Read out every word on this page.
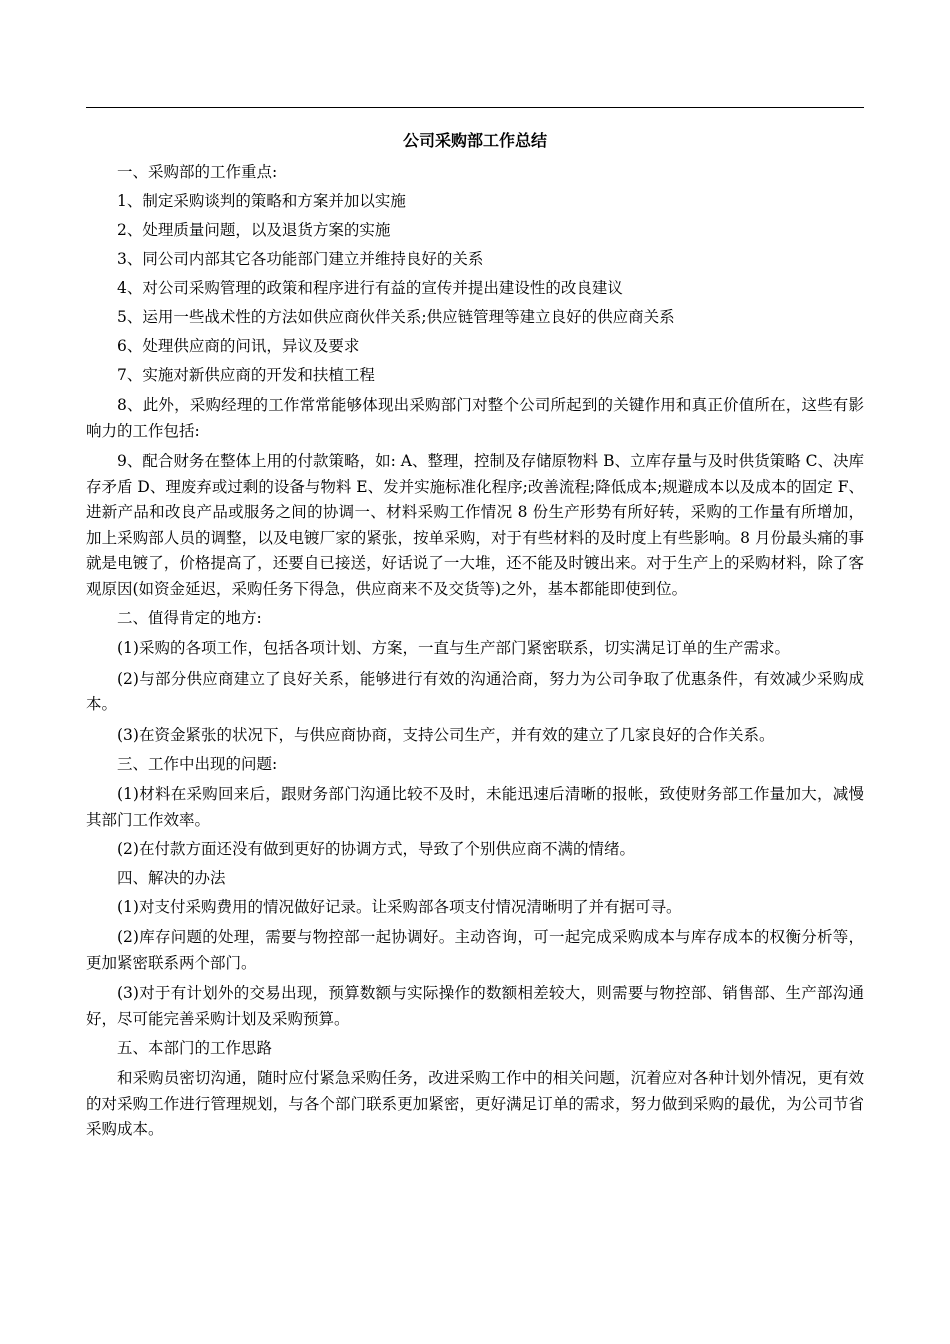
公司采购部工作总结

一、采购部的工作重点:

1、制定采购谈判的策略和方案并加以实施

2、处理质量问题，以及退货方案的实施

3、同公司内部其它各功能部门建立并维持良好的关系

4、对公司采购管理的政策和程序进行有益的宣传并提出建设性的改良建议

5、运用一些战术性的方法如供应商伙伴关系;供应链管理等建立良好的供应商关系

6、处理供应商的问讯，异议及要求

7、实施对新供应商的开发和扶植工程

8、此外，采购经理的工作常常能够体现出采购部门对整个公司所起到的关键作用和真正价值所在，这些有影响力的工作包括:

9、配合财务在整体上用的付款策略，如: A、整理，控制及存储原物料 B、立库存量与及时供货策略 C、决库存矛盾 D、理废弃或过剩的设备与物料 E、发并实施标准化程序;改善流程;降低成本;规避成本以及成本的固定 F、进新产品和改良产品或服务之间的协调一、材料采购工作情况 8 份生产形势有所好转，采购的工作量有所增加，加上采购部人员的调整，以及电镀厂家的紧张，按单采购，对于有些材料的及时度上有些影响。8 月份最头痛的事就是电镀了，价格提高了，还要自已接送，好话说了一大堆，还不能及时镀出来。对于生产上的采购材料，除了客观原因(如资金延迟，采购任务下得急，供应商来不及交货等)之外，基本都能即使到位。

二、值得肯定的地方:

(1)采购的各项工作，包括各项计划、方案，一直与生产部门紧密联系，切实满足订单的生产需求。

(2)与部分供应商建立了良好关系，能够进行有效的沟通洽商，努力为公司争取了优惠条件，有效减少采购成本。

(3)在资金紧张的状况下，与供应商协商，支持公司生产，并有效的建立了几家良好的合作关系。

三、工作中出现的问题:

(1)材料在采购回来后，跟财务部门沟通比较不及时，未能迅速后清晰的报帐，致使财务部工作量加大，减慢其部门工作效率。

(2)在付款方面还没有做到更好的协调方式，导致了个别供应商不满的情绪。

四、解决的办法

(1)对支付采购费用的情况做好记录。让采购部各项支付情况清晰明了并有据可寻。

(2)库存问题的处理，需要与物控部一起协调好。主动咨询，可一起完成采购成本与库存成本的权衡分析等，更加紧密联系两个部门。

(3)对于有计划外的交易出现，预算数额与实际操作的数额相差较大，则需要与物控部、销售部、生产部沟通好，尽可能完善采购计划及采购预算。

五、本部门的工作思路

和采购员密切沟通，随时应付紧急采购任务，改进采购工作中的相关问题，沉着应对各种计划外情况，更有效的对采购工作进行管理规划，与各个部门联系更加紧密，更好满足订单的需求，努力做到采购的最优，为公司节省采购成本。
